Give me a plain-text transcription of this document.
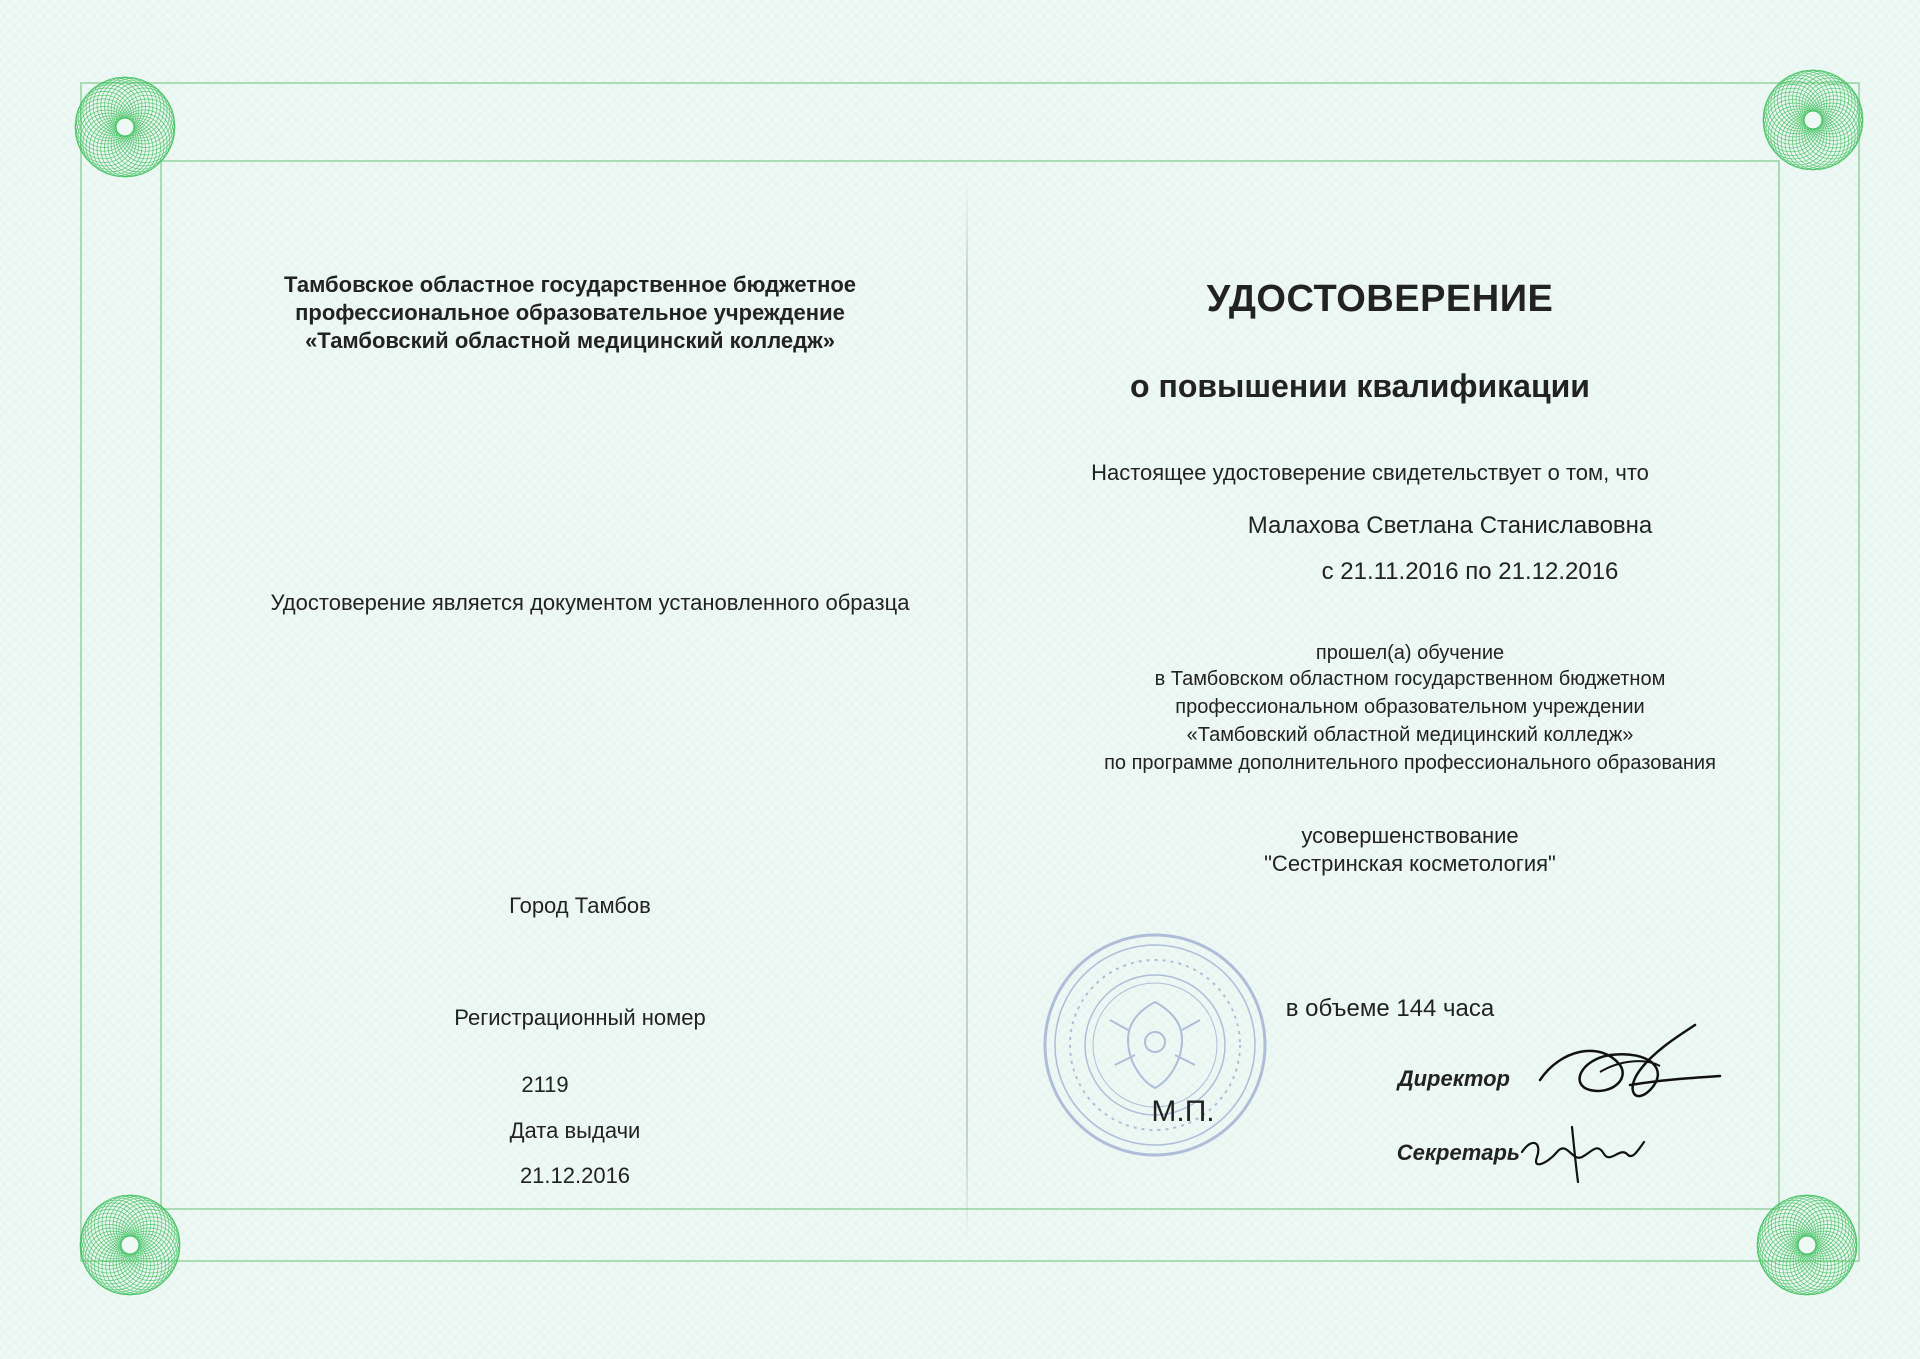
Тамбовское областное государственное бюджетное
профессиональное образовательное учреждение
«Тамбовский областной медицинский колледж»
Удостоверение является документом установленного образца
Город Тамбов
Регистрационный номер
2119
Дата выдачи
21.12.2016
УДОСТОВЕРЕНИЕ
о повышении квалификации
Настоящее удостоверение свидетельствует о том, что
Малахова Светлана Станиславовна
с 21.11.2016 по 21.12.2016
прошел(а) обучение
в Тамбовском областном государственном бюджетном
профессиональном образовательном учреждении
«Тамбовский областной медицинский колледж»
по программе дополнительного профессионального образования
усовершенствование
"Сестринская косметология"
в объеме 144 часа
М.П.
Директор
Секретарь
